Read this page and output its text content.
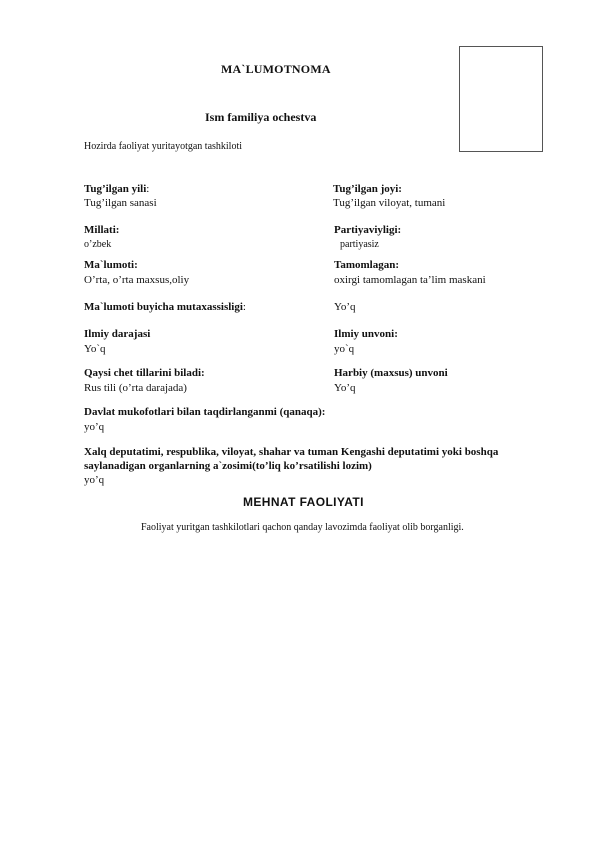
MA`LUMOTNOMA
Ism familiya ochestva
Hozirda faoliyat yuritayotgan tashkiloti
Tug’ilgan yili:
Tug’ilgan sanasi
Tug’ilgan joyi:
Tug’ilgan viloyat, tumani
Millati:
o’zbek
Partiyaviyligi:
partiyasiz
Ma`lumoti:
O’rta, o’rta maxsus,oliy
Tamomlagan:
oxirgi tamomlagan ta’lim maskani
Ma`lumoti buyicha mutaxassisligi:	Yo’q
Ilmiy darajasi
Yo`q
Ilmiy unvoni:
yo`q
Qaysi chet tillarini biladi:
Rus tili (o’rta darajada)
Harbiy (maxsus) unvoni
Yo’q
Davlat mukofotlari bilan taqdirlanganmi (qanaqa):
yo’q
Xalq deputatimi, respublika, viloyat, shahar va tuman Kengashi deputatimi yoki boshqa saylanadigan organlarning a`zosimi(to’liq ko’rsatilishi lozim)
yo’q
MEHNAT FAOLIYATI
Faoliyat yuritgan tashkilotlari qachon qanday lavozimda faoliyat olib borganligi.
